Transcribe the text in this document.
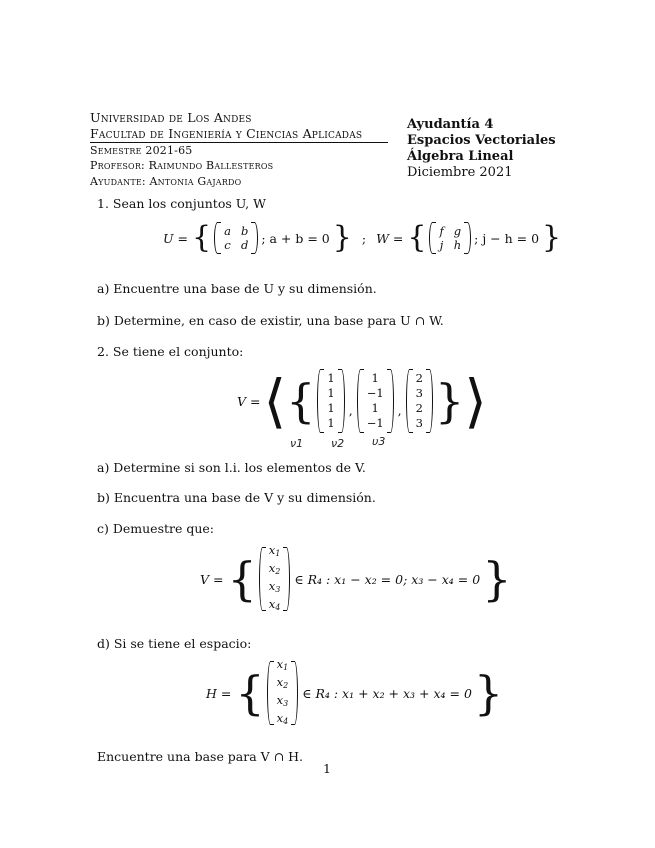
Universidad de Los Andes
Facultad de Ingeniería y Ciencias Aplicadas
Semestre 2021-65
Profesor: Raimundo Ballesteros
Ayudante: Antonia Gajardo
Ayudantía 4
Espacios Vectoriales
Álgebra Lineal
Diciembre 2021
1. Sean los conjuntos U, W
U = { a b
c d ; a + b = 0 } ; W = { f g
j h ; j − h = 0 }
a) Encuentre una base de U y su dimensión.
b) Determine, en caso de existir, una base para U ∩ W.
2. Se tiene el conjunto:
V = ⟨ { 1
1
1
1
,
1
−1
1
−1
,
2
3
2
3 } ⟩
ν1	ν2	υ3
a) Determine si son l.i. los elementos de V.
b) Encuentra una base de V y su dimensión.
c) Demuestre que:
V = {
$x_1$
$x_2$
$x_3$
$x_4$
∈ R₄ : x₁ − x₂ = 0; x₃ − x₄ = 0 }
d) Si se tiene el espacio:
H = {
$x_1$
$x_2$
$x_3$
$x_4$
∈ R₄ : x₁ + x₂ + x₃ + x₄ = 0 }
Encuentre una base para V ∩ H.
1
